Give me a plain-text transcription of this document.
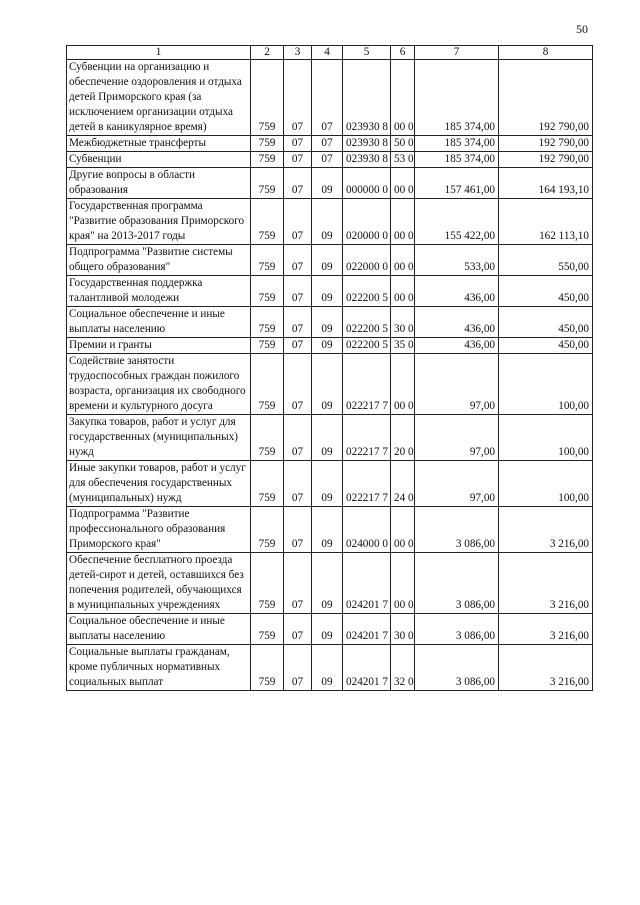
50
1	2	3	4	5	6	7	8
Субвенции на организацию и обеспечение оздоровления и отдыха детей Приморского края (за исключением организации отдыха детей в каникулярное время)	759	07	07	023930 8	00 0	185 374,00	192 790,00
Межбюджетные трансферты	759	07	07	023930 8	50 0	185 374,00	192 790,00
Субвенции	759	07	07	023930 8	53 0	185 374,00	192 790,00
Другие вопросы в области образования	759	07	09	000000 0	00 0	157 461,00	164 193,10
Государственная программа "Развитие образования Приморского края" на 2013-2017 годы	759	07	09	020000 0	00 0	155 422,00	162 113,10
Подпрограмма "Развитие системы общего образования"	759	07	09	022000 0	00 0	533,00	550,00
Государственная поддержка талантливой молодежи	759	07	09	022200 5	00 0	436,00	450,00
Социальное обеспечение и иные выплаты населению	759	07	09	022200 5	30 0	436,00	450,00
Премии и гранты	759	07	09	022200 5	35 0	436,00	450,00
Содействие занятости трудоспособных граждан пожилого возраста, организация их свободного времени и культурного досуга	759	07	09	022217 7	00 0	97,00	100,00
Закупка товаров, работ и услуг для государственных (муниципальных) нужд	759	07	09	022217 7	20 0	97,00	100,00
Иные закупки товаров, работ и услуг для обеспечения государственных (муниципальных) нужд	759	07	09	022217 7	24 0	97,00	100,00
Подпрограмма "Развитие профессионального образования Приморского края"	759	07	09	024000 0	00 0	3 086,00	3 216,00
Обеспечение бесплатного проезда детей-сирот и детей, оставшихся без попечения родителей, обучающихся в муниципальных учреждениях	759	07	09	024201 7	00 0	3 086,00	3 216,00
Социальное обеспечение и иные выплаты населению	759	07	09	024201 7	30 0	3 086,00	3 216,00
Социальные выплаты гражданам, кроме публичных нормативных социальных выплат	759	07	09	024201 7	32 0	3 086,00	3 216,00
